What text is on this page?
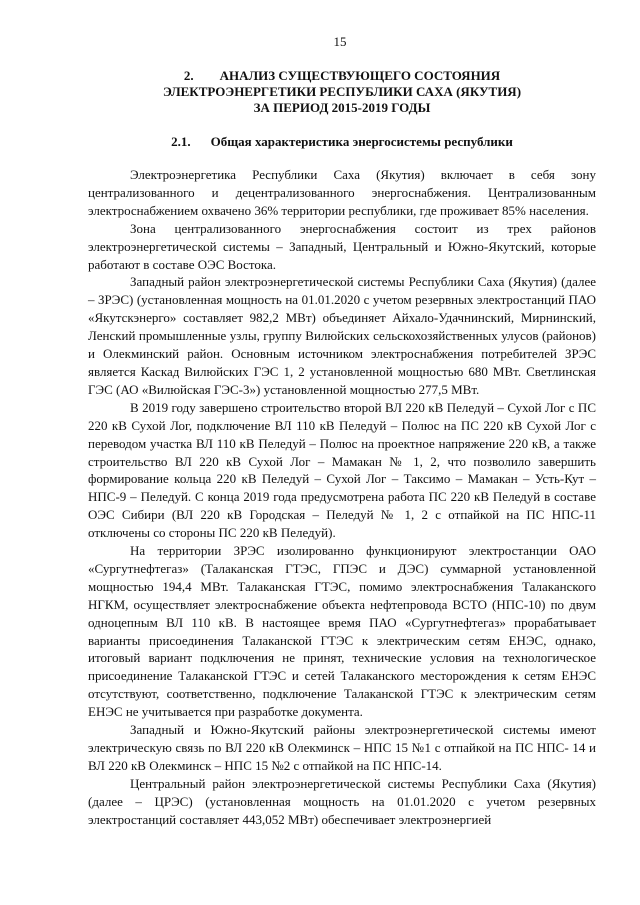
15
2. АНАЛИЗ СУЩЕСТВУЮЩЕГО СОСТОЯНИЯ
ЭЛЕКТРОЭНЕРГЕТИКИ РЕСПУБЛИКИ САХА (ЯКУТИЯ)
ЗА ПЕРИОД 2015-2019 ГОДЫ
2.1. Общая характеристика энергосистемы республики

Электроэнергетика Республики Саха (Якутия) включает в себя зону централизованного и децентрализованного энергоснабжения. Централизованным электроснабжением охвачено 36% территории республики, где проживает 85% населения.

Зона централизованного энергоснабжения состоит из трех районов электроэнергетической системы – Западный, Центральный и Южно-Якутский, которые работают в составе ОЭС Востока.

Западный район электроэнергетической системы Республики Саха (Якутия) (далее – ЗРЭС) (установленная мощность на 01.01.2020 с учетом резервных электростанций ПАО «Якутскэнерго» составляет 982,2 МВт) объединяет Айхало-Удачнинский, Мирнинский, Ленский промышленные узлы, группу Вилюйских сельскохозяйственных улусов (районов) и Олекминский район. Основным источником электроснабжения потребителей ЗРЭС является Каскад Вилюйских ГЭС 1, 2 установленной мощностью 680 МВт. Светлинская ГЭС (АО «Вилюйская ГЭС-3») установленной мощностью 277,5 МВт.

В 2019 году завершено строительство второй ВЛ 220 кВ Пеледуй – Сухой Лог с ПС 220 кВ Сухой Лог, подключение ВЛ 110 кВ Пеледуй – Полюс на ПС 220 кВ Сухой Лог с переводом участка ВЛ 110 кВ Пеледуй – Полюс на проектное напряжение 220 кВ, а также строительство ВЛ 220 кВ Сухой Лог – Мамакан № 1, 2, что позволило завершить формирование кольца 220 кВ Пеледуй – Сухой Лог – Таксимо – Мамакан – Усть-Кут – НПС-9 – Пеледуй. С конца 2019 года предусмотрена работа ПС 220 кВ Пеледуй в составе ОЭС Сибири (ВЛ 220 кВ Городская – Пеледуй № 1, 2 с отпайкой на ПС НПС-11 отключены со стороны ПС 220 кВ Пеледуй).

На территории ЗРЭС изолированно функционируют электростанции ОАО «Сургутнефтегаз» (Талаканская ГТЭС, ГПЭС и ДЭС) суммарной установленной мощностью 194,4 МВт. Талаканская ГТЭС, помимо электроснабжения Талаканского НГКМ, осуществляет электроснабжение объекта нефтепровода ВСТО (НПС-10) по двум одноцепным ВЛ 110 кВ. В настоящее время ПАО «Сургутнефтегаз» прорабатывает варианты присоединения Талаканской ГТЭС к электрическим сетям ЕНЭС, однако, итоговый вариант подключения не принят, технические условия на технологическое присоединение Талаканской ГТЭС и сетей Талаканского месторождения к сетям ЕНЭС отсутствуют, соответственно, подключение Талаканской ГТЭС к электрическим сетям ЕНЭС не учитывается при разработке документа.

Западный и Южно-Якутский районы электроэнергетической системы имеют электрическую связь по ВЛ 220 кВ Олекминск – НПС 15 №1 с отпайкой на ПС НПС- 14 и ВЛ 220 кВ Олекминск – НПС 15 №2 с отпайкой на ПС НПС-14.

Центральный район электроэнергетической системы Республики Саха (Якутия) (далее – ЦРЭС) (установленная мощность на 01.01.2020 с учетом резервных электростанций составляет 443,052 МВт) обеспечивает электроэнергией
